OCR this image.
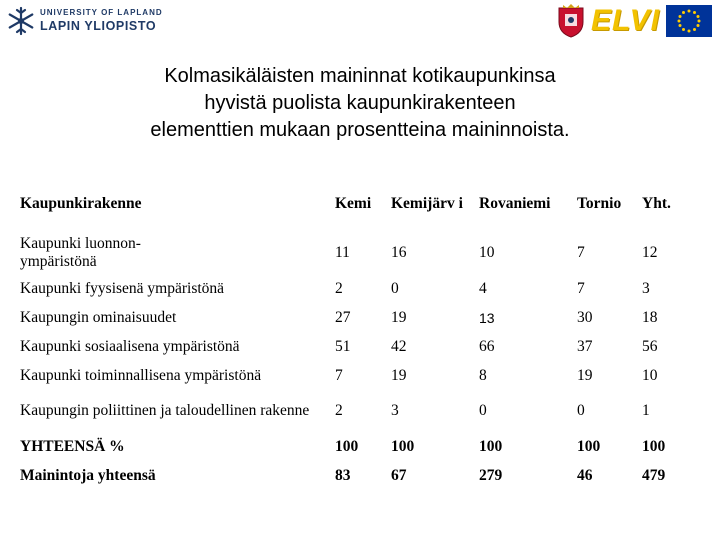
UNIVERSITY OF LAPLAND
LAPIN YLIOPISTO	ELVI
Kolmasikäläisten maininnat kotikaupunkinsa
hyvistä puolista kaupunkirakenteen
elementtien mukaan prosentteina maininnoista.
Kaupunkirakenne	Kemi	Kemijärv i	Rovaniemi	Tornio	Yht.
Kaupunki luonnon-ympäristönä	11	16	10	7	12
Kaupunki fyysisenä ympäristönä	2	0	4	7	3
Kaupungin ominaisuudet	27	19	13	30	18
Kaupunki sosiaalisena ympäristönä	51	42	66	37	56
Kaupunki toiminnallisena ympäristönä	7	19	8	19	10
Kaupungin poliittinen ja taloudellinen rakenne	2	3	0	0	1
YHTEENSÄ %	100	100	100	100	100
Mainintoja yhteensä	83	67	279	46	479
